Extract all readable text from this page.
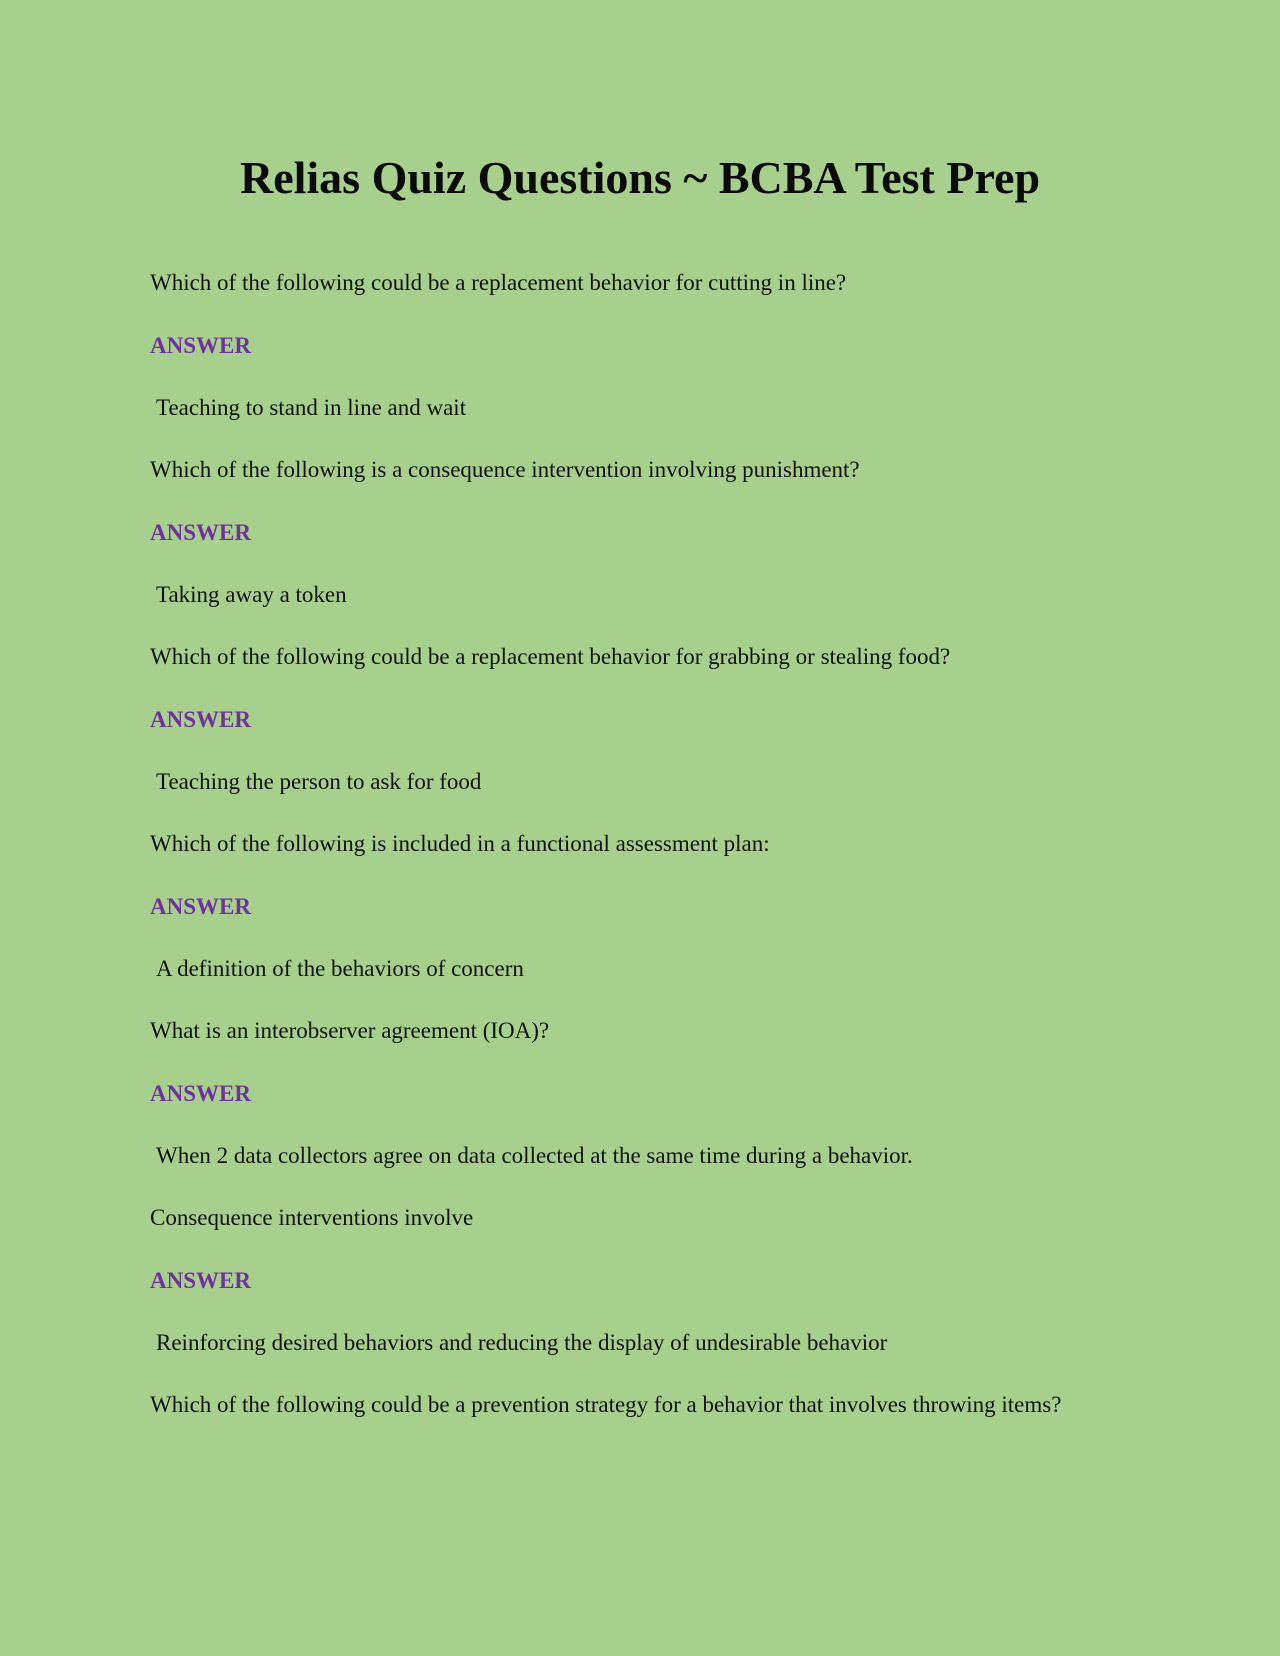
Relias Quiz Questions ~ BCBA Test Prep

Which of the following could be a replacement behavior for cutting in line?

ANSWER

Teaching to stand in line and wait

Which of the following is a consequence intervention involving punishment?

ANSWER

Taking away a token

Which of the following could be a replacement behavior for grabbing or stealing food?

ANSWER

Teaching the person to ask for food

Which of the following is included in a functional assessment plan:

ANSWER

A definition of the behaviors of concern

What is an interobserver agreement (IOA)?

ANSWER

When 2 data collectors agree on data collected at the same time during a behavior.

Consequence interventions involve

ANSWER

Reinforcing desired behaviors and reducing the display of undesirable behavior

Which of the following could be a prevention strategy for a behavior that involves throwing items?
